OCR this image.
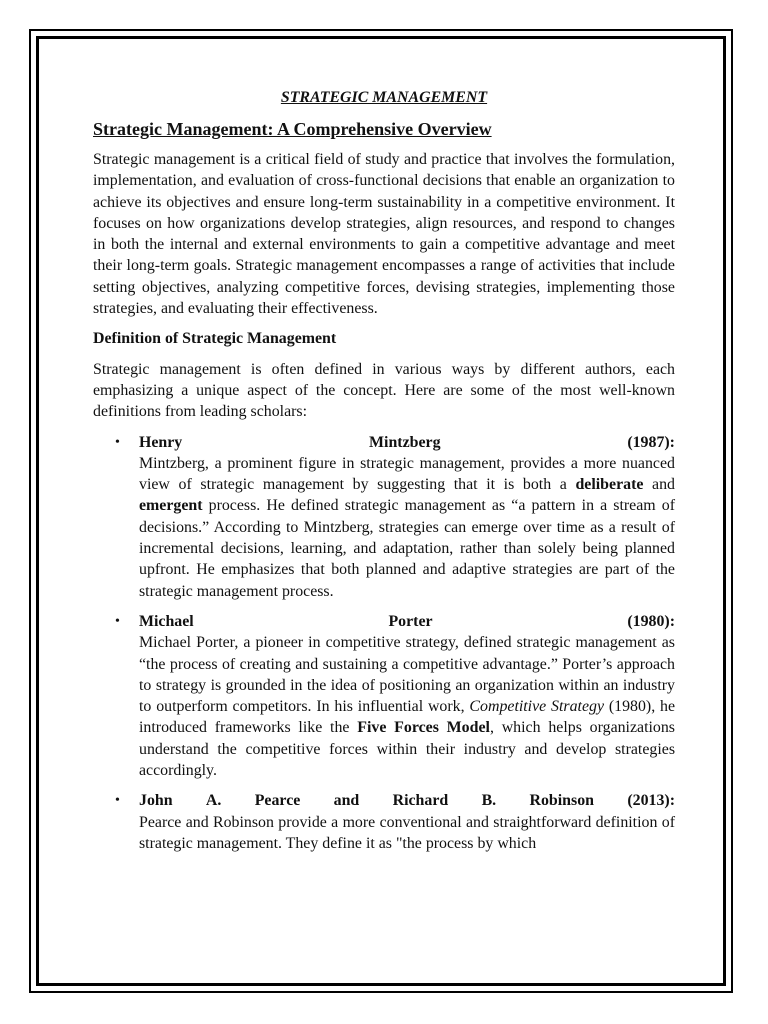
STRATEGIC MANAGEMENT
Strategic Management: A Comprehensive Overview

Strategic management is a critical field of study and practice that involves the formulation, implementation, and evaluation of cross-functional decisions that enable an organization to achieve its objectives and ensure long-term sustainability in a competitive environment. It focuses on how organizations develop strategies, align resources, and respond to changes in both the internal and external environments to gain a competitive advantage and meet their long-term goals. Strategic management encompasses a range of activities that include setting objectives, analyzing competitive forces, devising strategies, implementing those strategies, and evaluating their effectiveness.

Definition of Strategic Management

Strategic management is often defined in various ways by different authors, each emphasizing a unique aspect of the concept. Here are some of the most well-known definitions from leading scholars:

• Henry	Mintzberg	(1987):
Mintzberg, a prominent figure in strategic management, provides a more nuanced view of strategic management by suggesting that it is both a deliberate and emergent process. He defined strategic management as “a pattern in a stream of decisions.” According to Mintzberg, strategies can emerge over time as a result of incremental decisions, learning, and adaptation, rather than solely being planned upfront. He emphasizes that both planned and adaptive strategies are part of the strategic management process.
• Michael	Porter	(1980):
Michael Porter, a pioneer in competitive strategy, defined strategic management as “the process of creating and sustaining a competitive advantage.” Porter’s approach to strategy is grounded in the idea of positioning an organization within an industry to outperform competitors. In his influential work, Competitive Strategy (1980), he introduced frameworks like the Five Forces Model, which helps organizations understand the competitive forces within their industry and develop strategies accordingly.
• John A. Pearce and Richard B. Robinson (2013):
Pearce and Robinson provide a more conventional and straightforward definition of strategic management. They define it as "the process by which
